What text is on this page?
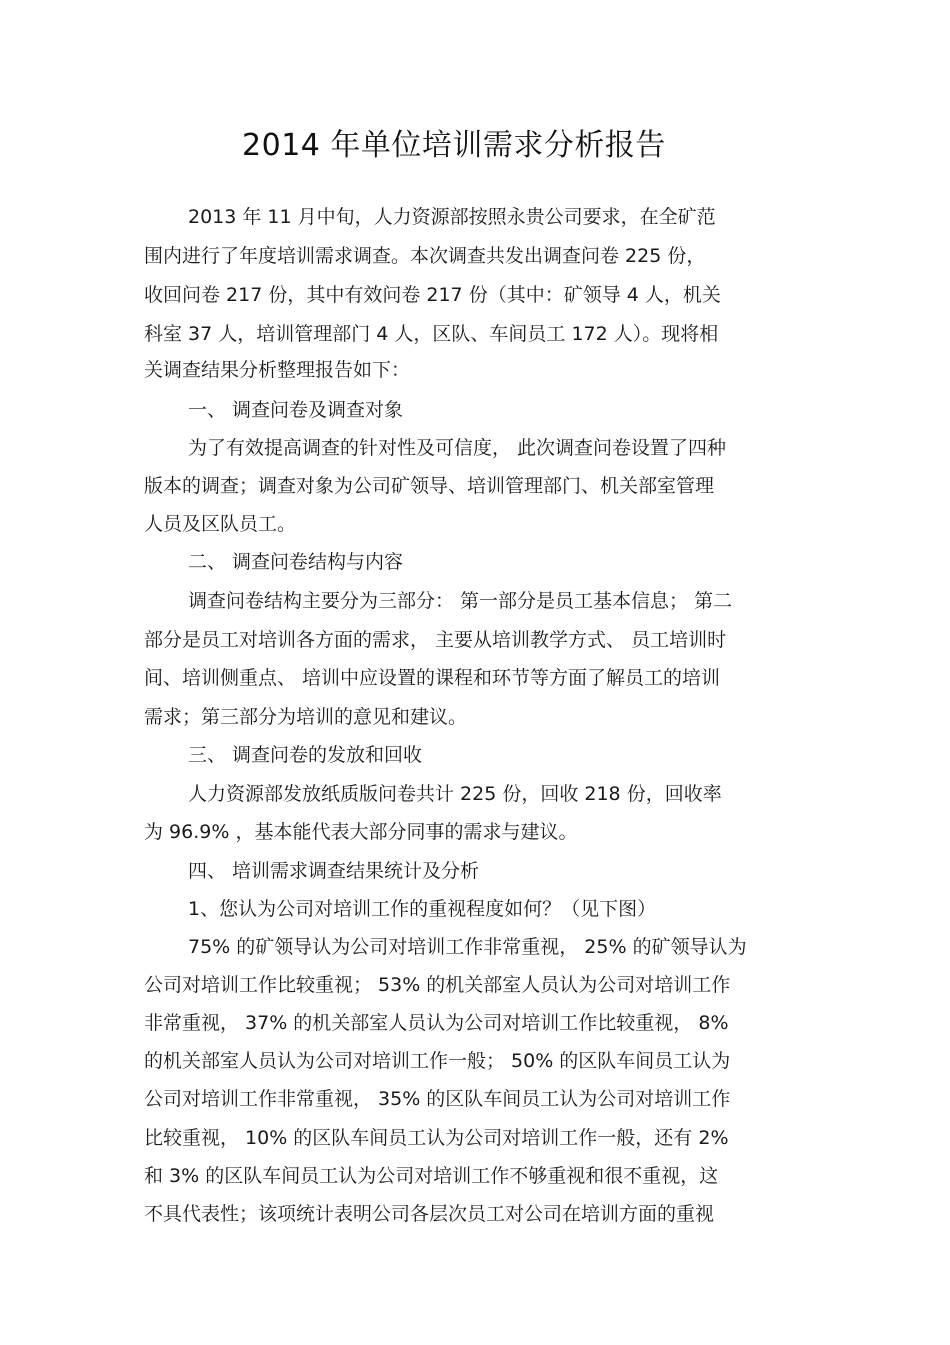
2014 年单位培训需求分析报告
2013 年 11 月中旬，人力资源部按照永贵公司要求，在全矿范
围内进行了年度培训需求调查。本次调查共发出调查问卷 225 份，
收回问卷 217 份，其中有效问卷 217 份（其中：矿领导 4 人，机关
科室 37 人，培训管理部门 4 人，区队、车间员工 172 人）。现将相
关调查结果分析整理报告如下：
一、 调查问卷及调查对象
为了有效提高调查的针对性及可信度， 此次调查问卷设置了四种
版本的调查；调查对象为公司矿领导、培训管理部门、机关部室管理
人员及区队员工。
二、 调查问卷结构与内容
调查问卷结构主要分为三部分： 第一部分是员工基本信息； 第二
部分是员工对培训各方面的需求， 主要从培训教学方式、 员工培训时
间、培训侧重点、 培训中应设置的课程和环节等方面了解员工的培训
需求；第三部分为培训的意见和建议。
三、 调查问卷的发放和回收
人力资源部发放纸质版问卷共计 225 份，回收 218 份，回收率
为 96.9% ，基本能代表大部分同事的需求与建议。
四、 培训需求调查结果统计及分析
1、您认为公司对培训工作的重视程度如何？（见下图）
75% 的矿领导认为公司对培训工作非常重视， 25% 的矿领导认为
公司对培训工作比较重视； 53% 的机关部室人员认为公司对培训工作
非常重视， 37% 的机关部室人员认为公司对培训工作比较重视， 8%
的机关部室人员认为公司对培训工作一般； 50% 的区队车间员工认为
公司对培训工作非常重视， 35% 的区队车间员工认为公司对培训工作
比较重视， 10% 的区队车间员工认为公司对培训工作一般，还有 2%
和 3% 的区队车间员工认为公司对培训工作不够重视和很不重视，这
不具代表性；该项统计表明公司各层次员工对公司在培训方面的重视
